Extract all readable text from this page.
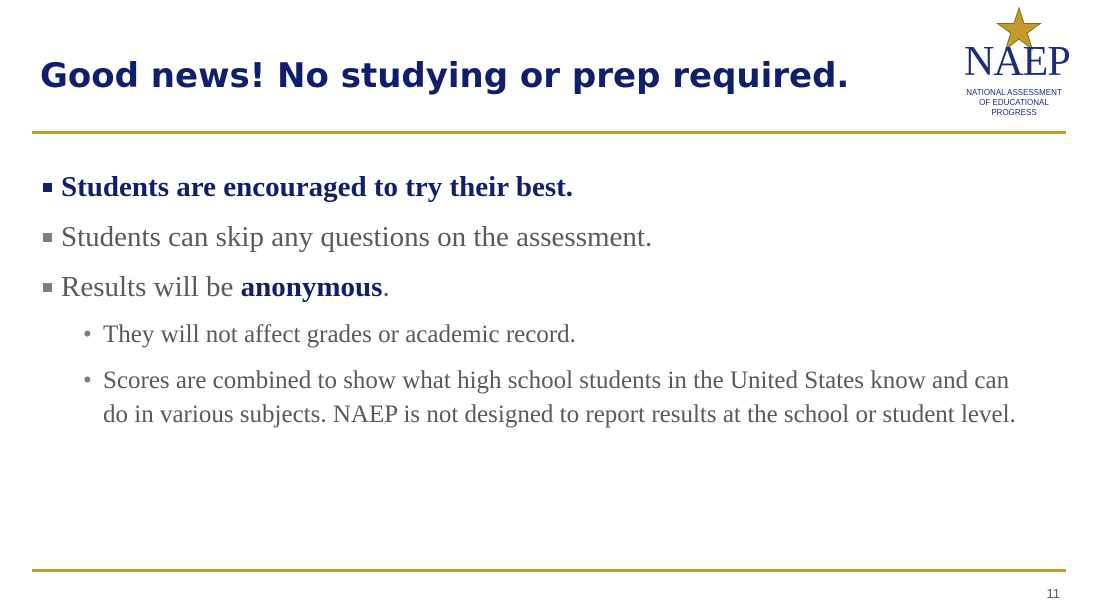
Good news! No studying or prep required.	NAEP
NATIONAL ASSESSMENT
OF EDUCATIONAL
PROGRESS
Students are encouraged to try their best.
Students can skip any questions on the assessment.
Results will be anonymous.
• They will not affect grades or academic record.
• Scores are combined to show what high school students in the United States know and can do in various subjects. NAEP is not designed to report results at the school or student level.
11
